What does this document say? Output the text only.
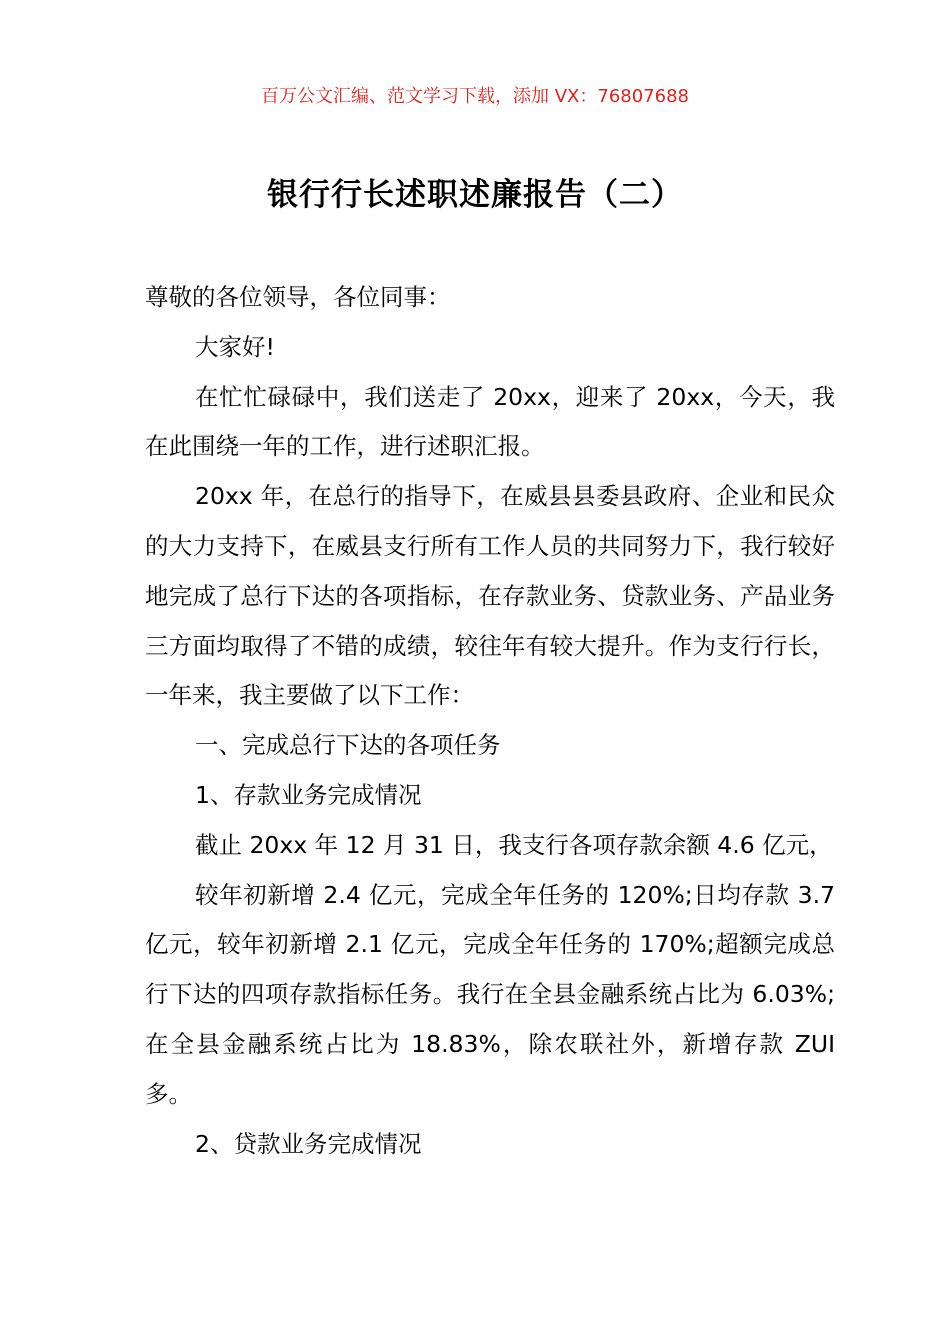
百万公文汇编、范文学习下载，添加 VX：76807688
银行行长述职述廉报告（二）

尊敬的各位领导，各位同事：

大家好!

在忙忙碌碌中，我们送走了 20xx，迎来了 20xx，今天，我在此围绕一年的工作，进行述职汇报。

20xx 年，在总行的指导下，在威县县委县政府、企业和民众的大力支持下，在威县支行所有工作人员的共同努力下，我行较好地完成了总行下达的各项指标，在存款业务、贷款业务、产品业务三方面均取得了不错的成绩，较往年有较大提升。作为支行行长，一年来，我主要做了以下工作：

一、完成总行下达的各项任务

1、存款业务完成情况

截止 20xx 年 12 月 31 日，我支行各项存款余额 4.6 亿元，

较年初新增 2.4 亿元，完成全年任务的 120%;日均存款 3.7 亿元，较年初新增 2.1 亿元，完成全年任务的 170%;超额完成总行下达的四项存款指标任务。我行在全县金融系统占比为 6.03%;在全县金融系统占比为 18.83%，除农联社外，新增存款 ZUI 多。

2、贷款业务完成情况
